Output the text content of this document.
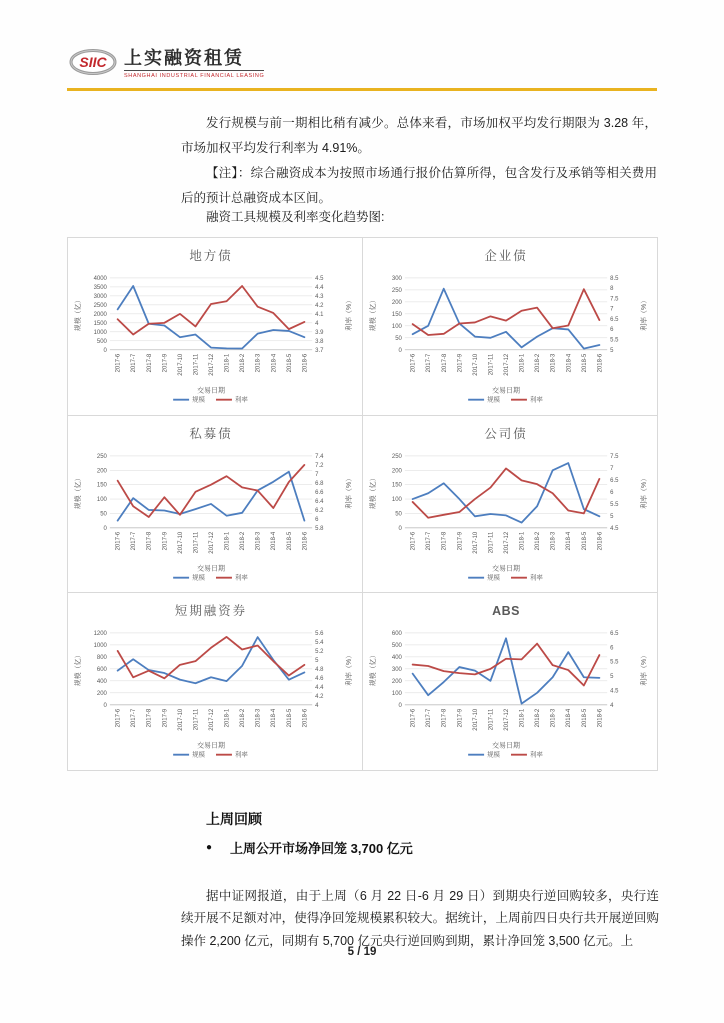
SIIC 上实融资租赁
SHANGHAI INDUSTRIAL FINANCIAL LEASING

发行规模与前一期相比稍有减少。总体来看，市场加权平均发行期限为 3.28 年，市场加权平均发行利率为 4.91%。

【注】：综合融资成本为按照市场通行报价估算所得，包含发行及承销等相关费用后的预计总融资成本区间。

融资工具规模及利率变化趋势图:
地方债
0
500
1000
1500
2000
2500
3000
3500
4000
3.7
3.8
3.9
4
4.1
4.2
4.3
4.4
4.5
2017-6 2017-7 2017-8 2017-9 2017-10 2017-11 2017-12 2018-1 2018-2 2018-3 2018-4 2018-5 2018-6
交易日期
规模（亿）	利率（%）
规模	利率
企业债
0
50
100
150
200
250
300
5
5.5
6
6.5
7
7.5
8
8.5
2017-6 2017-7 2017-8 2017-9 2017-10 2017-11 2017-12 2018-1 2018-2 2018-3 2018-4 2018-5 2018-6
交易日期
规模（亿）	利率（%）
规模	利率
私募债
0
50
100
150
200
250
5.8
6
6.2
6.4
6.6
6.8
7
7.2
7.4
2017-6 2017-7 2017-8 2017-9 2017-10 2017-11 2017-12 2018-1 2018-2 2018-3 2018-4 2018-5 2018-6
交易日期
规模（亿）	利率（%）
规模	利率
公司债
0
50
100
150
200
250
4.5
5
5.5
6
6.5
7
7.5
2017-6 2017-7 2017-8 2017-9 2017-10 2017-11 2017-12 2018-1 2018-2 2018-3 2018-4 2018-5 2018-6
交易日期
规模（亿）	利率（%）
规模	利率
短期融资券
0
200
400
600
800
1000
1200
4
4.2
4.4
4.6
4.8
5
5.2
5.4
5.6
2017-6 2017-7 2017-8 2017-9 2017-10 2017-11 2017-12 2018-1 2018-2 2018-3 2018-4 2018-5 2018-6
交易日期
规模（亿）	利率（%）
规模	利率
ABS
0
100
200
300
400
500
600
4
4.5
5
5.5
6
6.5
2017-6 2017-7 2017-8 2017-9 2017-10 2017-11 2017-12 2018-1 2018-2 2018-3 2018-4 2018-5 2018-6
交易日期
规模（亿）	利率（%）
规模	利率
上周回顾
● 上周公开市场净回笼 3,700 亿元

据中证网报道，由于上周（6 月 22 日-6 月 29 日）到期央行逆回购较多，央行连续开展不足额对冲，使得净回笼规模累积较大。据统计，上周前四日央行共开展逆回购操作 2,200 亿元，同期有 5,700 亿元央行逆回购到期，累计净回笼 3,500 亿元。上

5 / 19
